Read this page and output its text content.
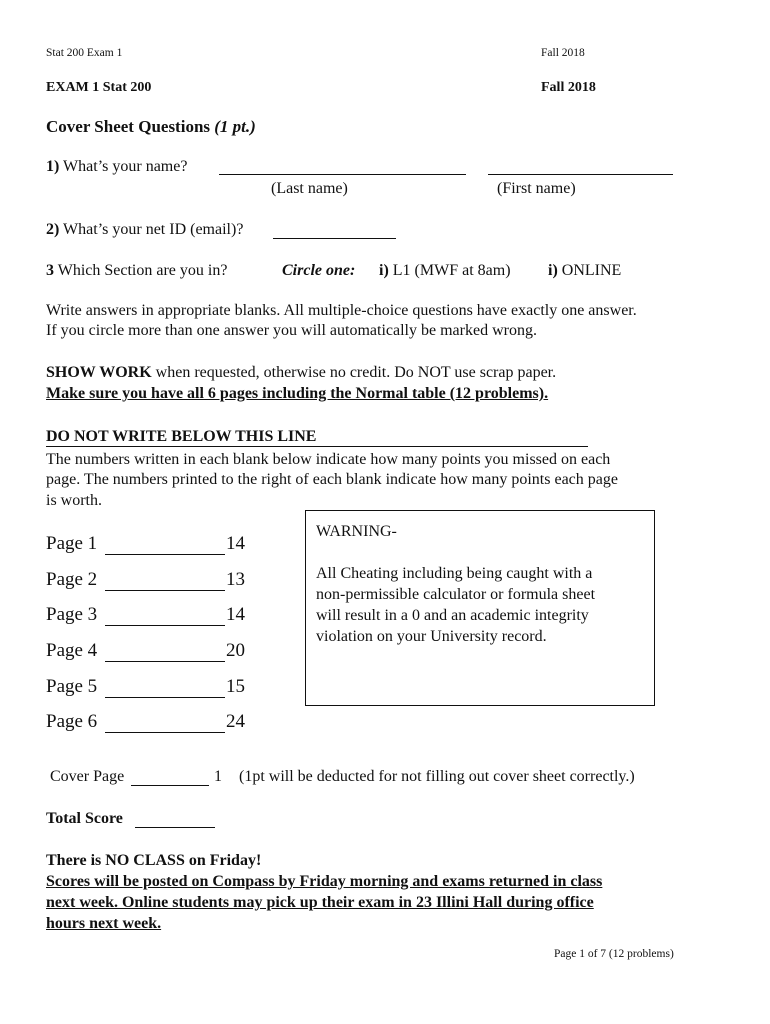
Stat 200 Exam 1	Fall 2018
EXAM 1 Stat 200	Fall 2018
Cover Sheet Questions (1 pt.)
1) What’s your name?
(Last name)	(First name)
2) What’s your net ID (email)?
3 Which Section are you in?	Circle one: i) L1 (MWF at 8am) i) ONLINE
Write answers in appropriate blanks. All multiple-choice questions have exactly one answer.
If you circle more than one answer you will automatically be marked wrong.
SHOW WORK when requested, otherwise no credit. Do NOT use scrap paper.
Make sure you have all 6 pages including the Normal table (12 problems).
DO NOT WRITE BELOW THIS LINE
The numbers written in each blank below indicate how many points you missed on each
page. The numbers printed to the right of each blank indicate how many points each page
is worth.
Page 1	14
Page 2	13
Page 3	14
Page 4	20
Page 5	15
Page 6	24
WARNING-
All Cheating including being caught with a
non-permissible calculator or formula sheet
will result in a 0 and an academic integrity
violation on your University record.
Cover Page	1 (1pt will be deducted for not filling out cover sheet correctly.)
Total Score
There is NO CLASS on Friday!
Scores will be posted on Compass by Friday morning and exams returned in class
next week. Online students may pick up their exam in 23 Illini Hall during office
hours next week.
Page 1 of 7 (12 problems)
